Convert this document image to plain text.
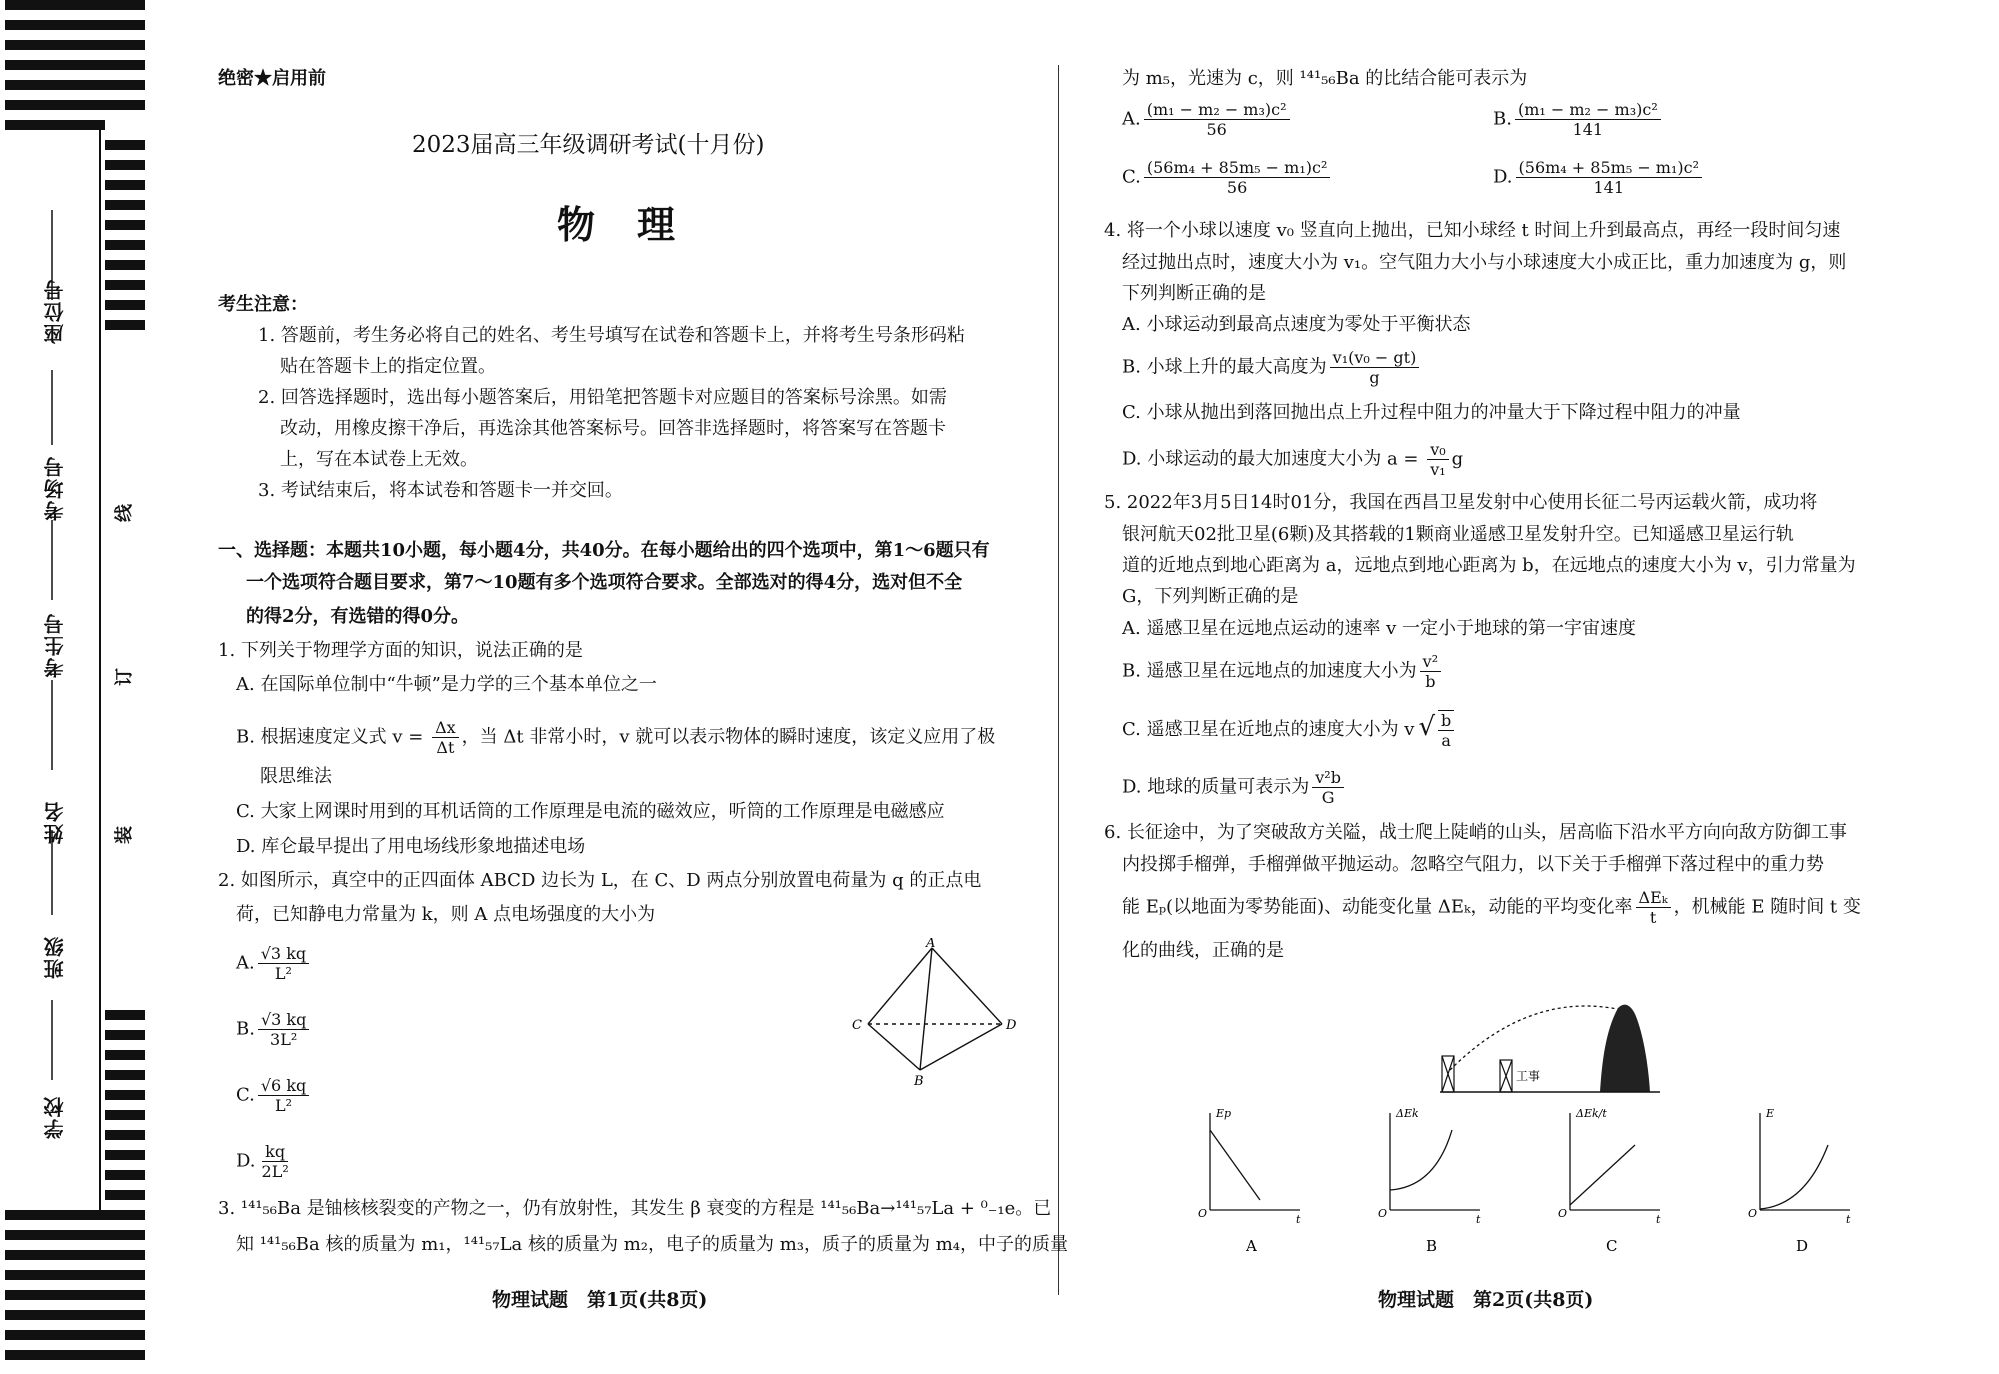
座位号
考场号
考生号
姓名
班级
学校
线
订
装
绝密★启用前
2023届高三年级调研考试(十月份)
物　理
考生注意：
1. 答题前，考生务必将自己的姓名、考生号填写在试卷和答题卡上，并将考生号条形码粘
贴在答题卡上的指定位置。
2. 回答选择题时，选出每小题答案后，用铅笔把答题卡对应题目的答案标号涂黑。如需
改动，用橡皮擦干净后，再选涂其他答案标号。回答非选择题时，将答案写在答题卡
上，写在本试卷上无效。
3. 考试结束后，将本试卷和答题卡一并交回。
一、选择题：本题共10小题，每小题4分，共40分。在每小题给出的四个选项中，第1～6题只有
一个选项符合题目要求，第7～10题有多个选项符合要求。全部选对的得4分，选对但不全
的得2分，有选错的得0分。
1. 下列关于物理学方面的知识，说法正确的是
A. 在国际单位制中“牛顿”是力学的三个基本单位之一
B. 根据速度定义式 $v = \frac{\Delta x}{\Delta t}$ ，当 Δt 非常小时，v 就可以表示物体的瞬时速度，该定义应用了极
限思维法
C. 大家上网课时用到的耳机话筒的工作原理是电流的磁效应，听筒的工作原理是电磁感应
D. 库仑最早提出了用电场线形象地描述电场
2. 如图所示，真空中的正四面体 ABCD 边长为 L，在 C、D 两点分别放置电荷量为 q 的正点电
荷，已知静电力常量为 k，则 A 点电场强度的大小为
A. $\frac{√3 kq}{\text{L²}}$
B. $\frac{√3 kq}{\text{3L²}}$
C. $\frac{√6 kq}{\text{L²}}$
D. $\frac{kq}{\text{2L²}}$
A
C	D
B
3. ¹⁴¹₅₆Ba 是铀核核裂变的产物之一，仍有放射性，其发生 β 衰变的方程是 ¹⁴¹₅₆Ba→¹⁴¹₅₇La + ⁰₋₁e。已
知 ¹⁴¹₅₆Ba 核的质量为 m₁，¹⁴¹₅₇La 核的质量为 m₂，电子的质量为 m₃，质子的质量为 m₄，中子的质量
物理试题　第1页(共8页)
为 m₅，光速为 c，则 ¹⁴¹₅₆Ba 的比结合能可表示为
A. $\frac{\text{(m₁ − m₂ − m₃)c²}}{56}$	B. $\frac{\text{(m₁ − m₂ − m₃)c²}}{141}$
C. $\frac{\text{(56m₄ + 85m₅ − m₁)c²}}{56}$	D. $\frac{\text{(56m₄ + 85m₅ − m₁)c²}}{141}$
4. 将一个小球以速度 v₀ 竖直向上抛出，已知小球经 t 时间上升到最高点，再经一段时间匀速
经过抛出点时，速度大小为 v₁。空气阻力大小与小球速度大小成正比，重力加速度为 g，则
下列判断正确的是
A. 小球运动到最高点速度为零处于平衡状态
B. 小球上升的最大高度为 $\frac{\text{v₁(v₀ − gt)}}{g}$
C. 小球从抛出到落回抛出点上升过程中阻力的冲量大于下降过程中阻力的冲量
D. 小球运动的最大加速度大小为 $a = \frac{\text{v₀}}{\text{v₁}}$ g
5. 2022年3月5日14时01分，我国在西昌卫星发射中心使用长征二号丙运载火箭，成功将
银河航天02批卫星(6颗)及其搭载的1颗商业遥感卫星发射升空。已知遥感卫星运行轨
道的近地点到地心距离为 a，远地点到地心距离为 b，在远地点的速度大小为 v，引力常量为
G，下列判断正确的是
A. 遥感卫星在远地点运动的速率 v 一定小于地球的第一宇宙速度
B. 遥感卫星在远地点的加速度大小为 $\frac{\text{v²}}{b}$
C. 遥感卫星在近地点的速度大小为 v √ $\frac{b}{a}$
D. 地球的质量可表示为 $\frac{\text{v²b}}{G}$
6. 长征途中，为了突破敌方关隘，战士爬上陡峭的山头，居高临下沿水平方向向敌方防御工事
内投掷手榴弹，手榴弹做平抛运动。忽略空气阻力，以下关于手榴弹下落过程中的重力势
能 Eₚ(以地面为零势能面)、动能变化量 ΔEₖ，动能的平均变化率 $\frac{\text{ΔEₖ}}{t}$ ，机械能 E 随时间 t 变
化的曲线，正确的是
工事
Ep
t
O
ΔEk
t
O
ΔEk/t
t
O
A	B	C
E
t
O
D
物理试题　第2页(共8页)
